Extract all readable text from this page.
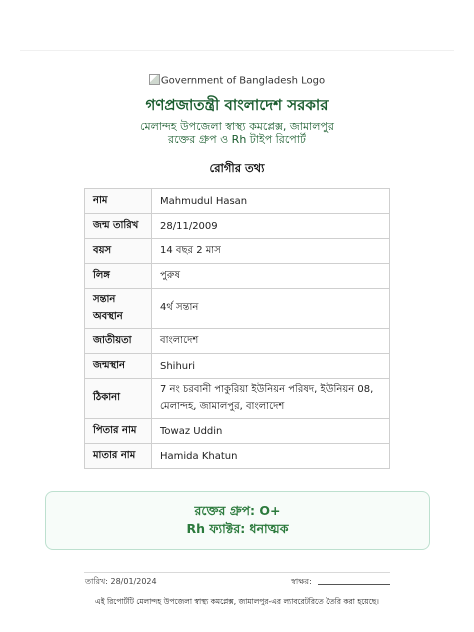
Government of Bangladesh Logo
গণপ্রজাতন্ত্রী বাংলাদেশ সরকার
মেলান্দহ উপজেলা স্বাস্থ্য কমপ্লেক্স, জামালপুর
রক্তের গ্রুপ ও Rh টাইপ রিপোর্ট
রোগীর তথ্য
নাম	Mahmudul Hasan
জন্ম তারিখ	28/11/2009
বয়স	14 বছর 2 মাস
লিঙ্গ	পুরুষ
সন্তান অবস্থান	4র্থ সন্তান
জাতীয়তা	বাংলাদেশ
জন্মস্থান	Shihuri
ঠিকানা	7 নং চরবানী পাকুরিয়া ইউনিয়ন পরিষদ, ইউনিয়ন 08, মেলান্দহ, জামালপুর, বাংলাদেশ
পিতার নাম	Towaz Uddin
মাতার নাম	Hamida Khatun
রক্তের গ্রুপ: O+
Rh ফ্যাক্টর: ধনাত্মক
তারিখ: 28/01/2024	স্বাক্ষর:
এই রিপোর্টটি মেলান্দহ উপজেলা স্বাস্থ্য কমপ্লেক্স, জামালপুর-এর ল্যাবরেটরিতে তৈরি করা হয়েছে।
